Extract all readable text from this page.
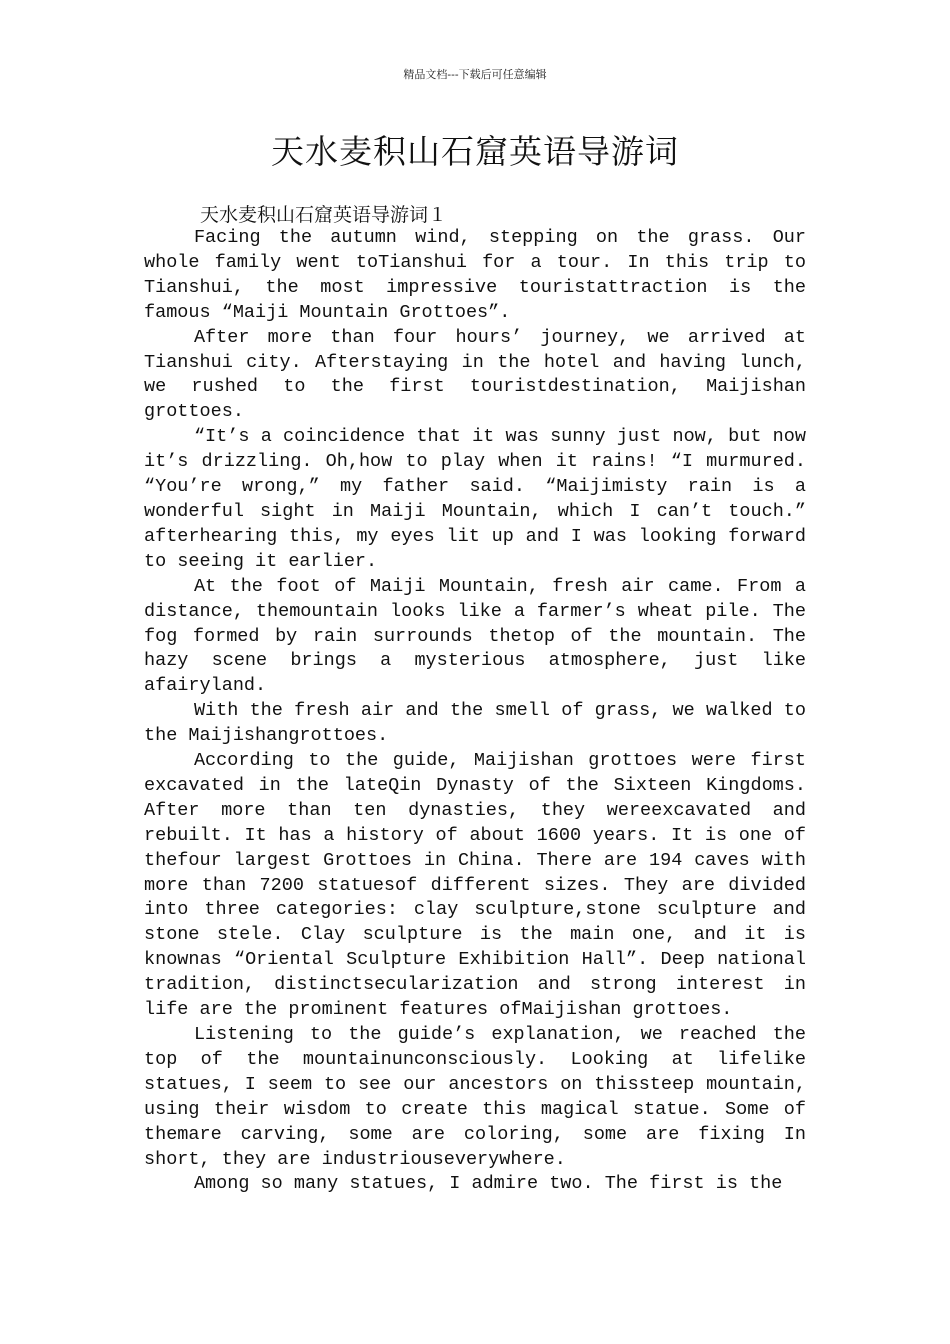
精品文档---下载后可任意编辑
天水麦积山石窟英语导游词
天水麦积山石窟英语导游词１

Facing the autumn wind, stepping on the grass. Our whole family went toTianshui for a tour. In this trip to Tianshui, the most impressive touristattraction is the famous “Maiji Mountain Grottoes”.

After more than four hours’ journey, we arrived at Tianshui city. Afterstaying in the hotel and having lunch, we rushed to the first touristdestination, Maijishan grottoes.

“It’s a coincidence that it was sunny just now, but now it’s drizzling. Oh,how to play when it rains! “I murmured. “You’re wrong,” my father said. “Maijimisty rain is a wonderful sight in Maiji Mountain, which I can’t touch.” afterhearing this, my eyes lit up and I was looking forward to seeing it earlier.

At the foot of Maiji Mountain, fresh air came. From a distance, themountain looks like a farmer’s wheat pile. The fog formed by rain surrounds thetop of the mountain. The hazy scene brings a mysterious atmosphere, just like afairyland.

With the fresh air and the smell of grass, we walked to the Maijishangrottoes.

According to the guide, Maijishan grottoes were first excavated in the lateQin Dynasty of the Sixteen Kingdoms. After more than ten dynasties, they wereexcavated and rebuilt. It has a history of about 1600 years. It is one of thefour largest Grottoes in China. There are 194 caves with more than 7200 statuesof different sizes. They are divided into three categories: clay sculpture,stone sculpture and stone stele. Clay sculpture is the main one, and it is knownas “Oriental Sculpture Exhibition Hall”. Deep national tradition, distinctsecularization and strong interest in life are the prominent features ofMaijishan grottoes.

Listening to the guide’s explanation, we reached the top of the mountainunconsciously. Looking at lifelike statues, I seem to see our ancestors on thissteep mountain, using their wisdom to create this magical statue. Some of themare carving, some are coloring, some are fixing In short, they are industriouseverywhere.

Among so many statues, I admire two. The first is the
